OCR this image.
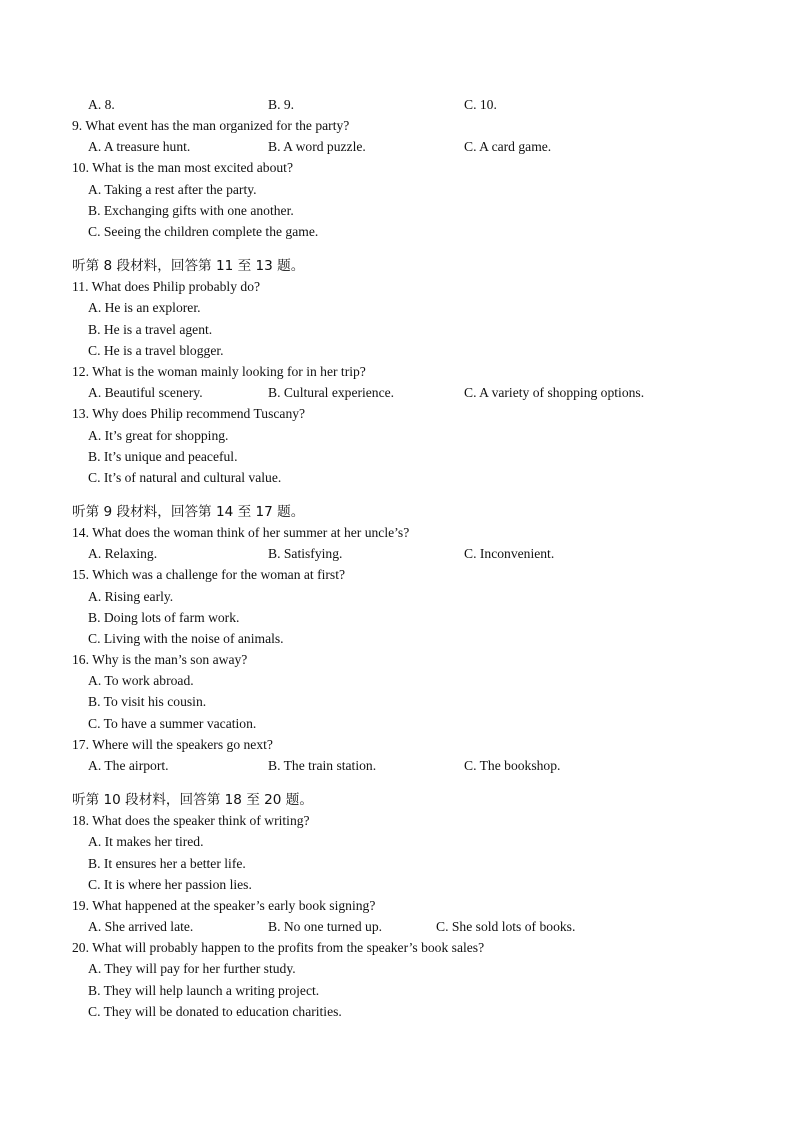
A. 8.

	B. 9.

	C. 10.

9. What event has the man organized for the party?

A. A treasure hunt.

	B. A word puzzle.

	C. A card game.

10. What is the man most excited about?

A. Taking a rest after the party.

B. Exchanging gifts with one another.

C. Seeing the children complete the game.

听第 8 段材料，回答第 11 至 13 题。
11. What does Philip probably do?

A. He is an explorer.

B. He is a travel agent.

C. He is a travel blogger.

12. What is the woman mainly looking for in her trip?

A. Beautiful scenery.

	B. Cultural experience.

	C. A variety of shopping options.

13. Why does Philip recommend Tuscany?

A. It’s great for shopping.

B. It’s unique and peaceful.

C. It’s of natural and cultural value.

听第 9 段材料，回答第 14 至 17 题。
14. What does the woman think of her summer at her uncle’s?

A. Relaxing.

	B. Satisfying.

	C. Inconvenient.

15. Which was a challenge for the woman at first?

A. Rising early.

B. Doing lots of farm work.

C. Living with the noise of animals.

16. Why is the man’s son away?

A. To work abroad.

B. To visit his cousin.

C. To have a summer vacation.

17. Where will the speakers go next?

A. The airport.

	B. The train station.

	C. The bookshop.

听第 10 段材料，回答第 18 至 20 题。
18. What does the speaker think of writing?

A. It makes her tired.

B. It ensures her a better life.

C. It is where her passion lies.

19. What happened at the speaker’s early book signing?

A. She arrived late.

	B. No one turned up.

	C. She sold lots of books.

20. What will probably happen to the profits from the speaker’s book sales?

A. They will pay for her further study.

B. They will help launch a writing project.

C. They will be donated to education charities.
